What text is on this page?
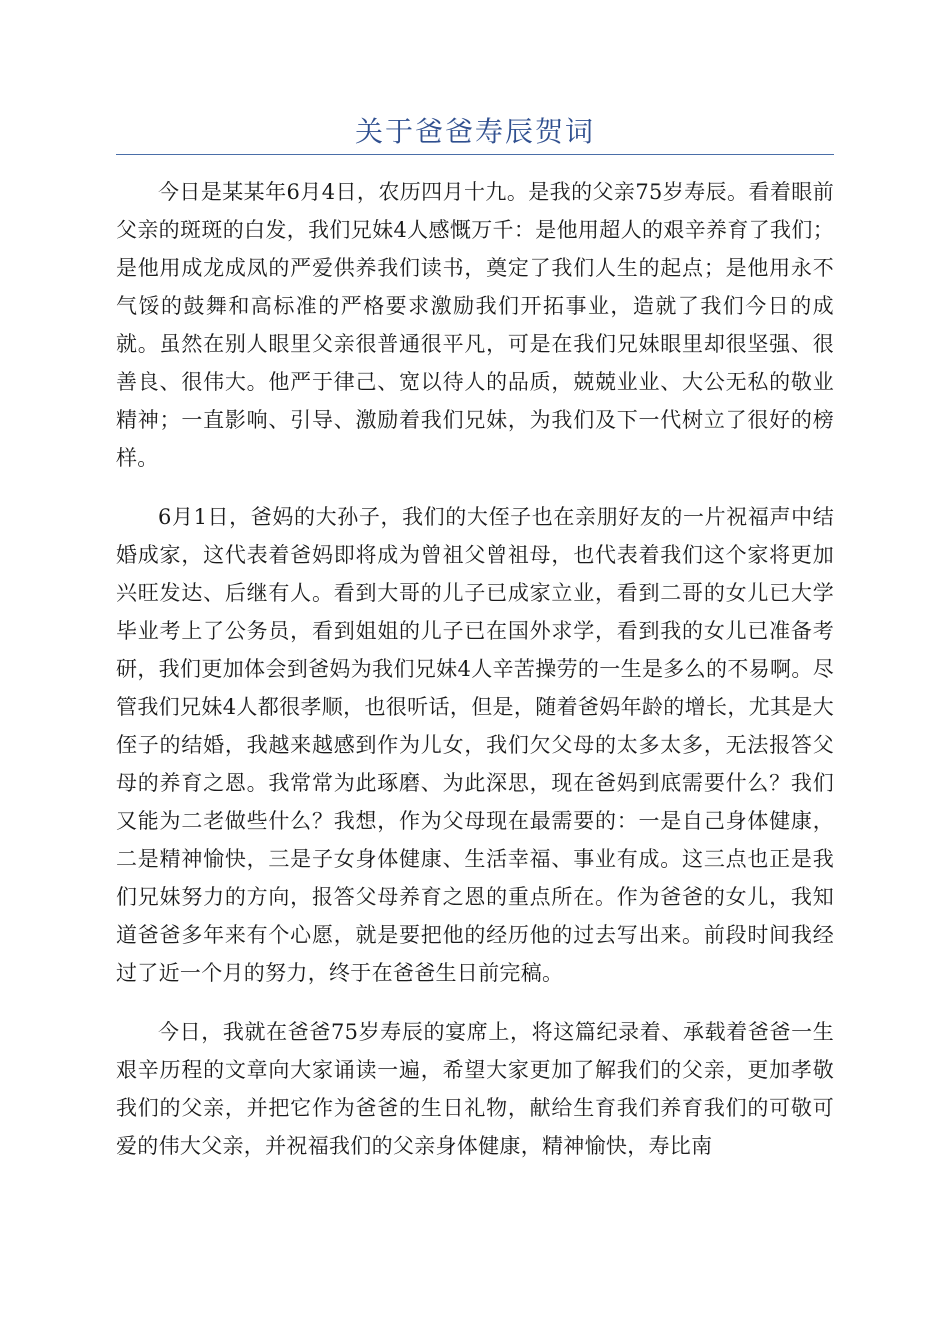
关于爸爸寿辰贺词

今日是某某年6月4日，农历四月十九。是我的父亲75岁寿辰。看着眼前父亲的斑斑的白发，我们兄妹4人感慨万千：是他用超人的艰辛养育了我们；是他用成龙成凤的严爱供养我们读书，奠定了我们人生的起点；是他用永不气馁的鼓舞和高标准的严格要求激励我们开拓事业，造就了我们今日的成就。虽然在别人眼里父亲很普通很平凡，可是在我们兄妹眼里却很坚强、很善良、很伟大。他严于律己、宽以待人的品质，兢兢业业、大公无私的敬业精神；一直影响、引导、激励着我们兄妹，为我们及下一代树立了很好的榜样。

6月1日，爸妈的大孙子，我们的大侄子也在亲朋好友的一片祝福声中结婚成家，这代表着爸妈即将成为曾祖父曾祖母，也代表着我们这个家将更加兴旺发达、后继有人。看到大哥的儿子已成家立业，看到二哥的女儿已大学毕业考上了公务员，看到姐姐的儿子已在国外求学，看到我的女儿已准备考研，我们更加体会到爸妈为我们兄妹4人辛苦操劳的一生是多么的不易啊。尽管我们兄妹4人都很孝顺，也很听话，但是，随着爸妈年龄的增长，尤其是大侄子的结婚，我越来越感到作为儿女，我们欠父母的太多太多，无法报答父母的养育之恩。我常常为此琢磨、为此深思，现在爸妈到底需要什么？我们又能为二老做些什么？我想，作为父母现在最需要的：一是自己身体健康，二是精神愉快，三是子女身体健康、生活幸福、事业有成。这三点也正是我们兄妹努力的方向，报答父母养育之恩的重点所在。作为爸爸的女儿，我知道爸爸多年来有个心愿，就是要把他的经历他的过去写出来。前段时间我经过了近一个月的努力，终于在爸爸生日前完稿。

今日，我就在爸爸75岁寿辰的宴席上，将这篇纪录着、承载着爸爸一生艰辛历程的文章向大家诵读一遍，希望大家更加了解我们的父亲，更加孝敬我们的父亲，并把它作为爸爸的生日礼物，献给生育我们养育我们的可敬可爱的伟大父亲，并祝福我们的父亲身体健康，精神愉快，寿比南
